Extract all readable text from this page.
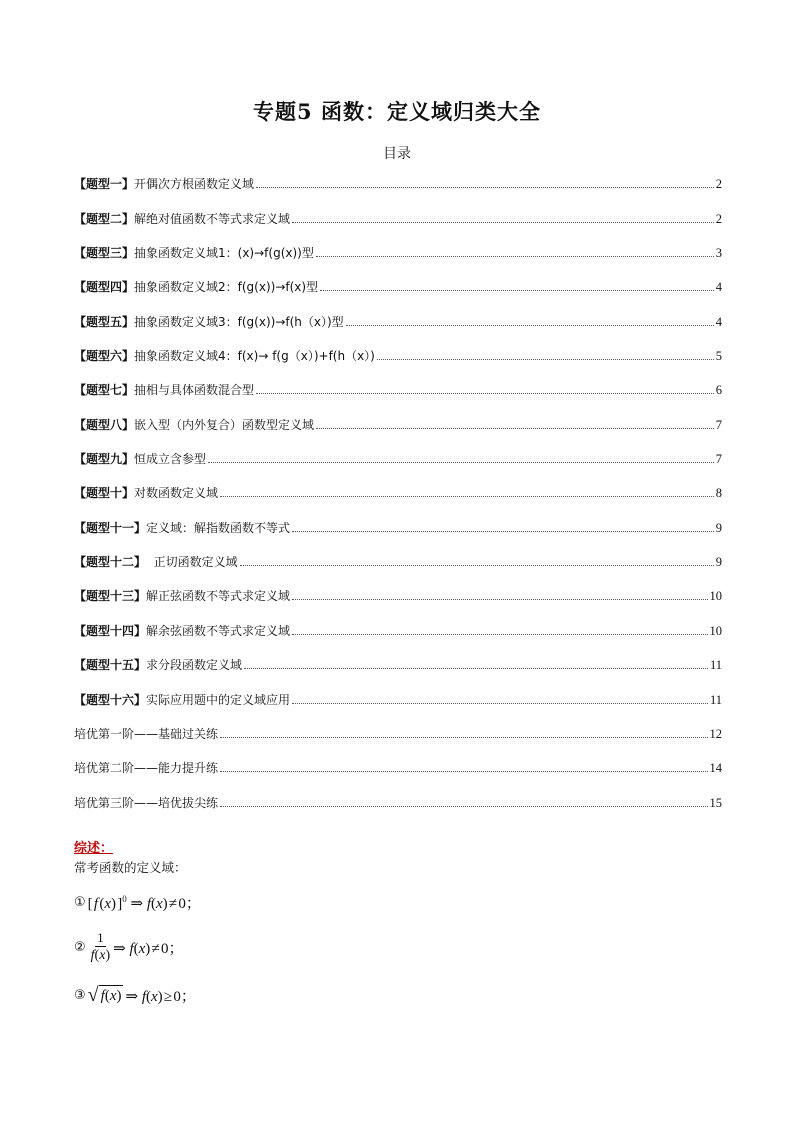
专题5 函数：定义域归类大全
目录
【题型一】开偶次方根函数定义域	2
【题型二】解绝对值函数不等式求定义域	2
【题型三】抽象函数定义域1：(x)→f(g(x))型	3
【题型四】抽象函数定义域2：f(g(x))→f(x)型	4
【题型五】抽象函数定义域3：f(g(x))→f(h（x）)型	4
【题型六】抽象函数定义域4：f(x)→ f(g（x）)+f(h（x）)	5
【题型七】抽相与具体函数混合型	6
【题型八】嵌入型（内外复合）函数型定义域	7
【题型九】恒成立含参型	7
【题型十】对数函数定义域	8
【题型十一】定义域：解指数函数不等式	9
【题型十二】  正切函数定义域	9
【题型十三】解正弦函数不等式求定义域	10
【题型十四】解余弦函数不等式求定义域	10
【题型十五】求分段函数定义域	11
【题型十六】实际应用题中的定义域应用	11
培优第一阶——基础过关练	12
培优第二阶——能力提升练	14
培优第三阶——培优拔尖练	15
综述：
常考函数的定义域：
① [ f (x) ]$^0$ ⇒ f(x) ≠ 0；
② $\frac{1}{f(x)}$ ⇒ f(x) ≠ 0；
③ √ f(x) ⇒ f(x) ≥ 0；
